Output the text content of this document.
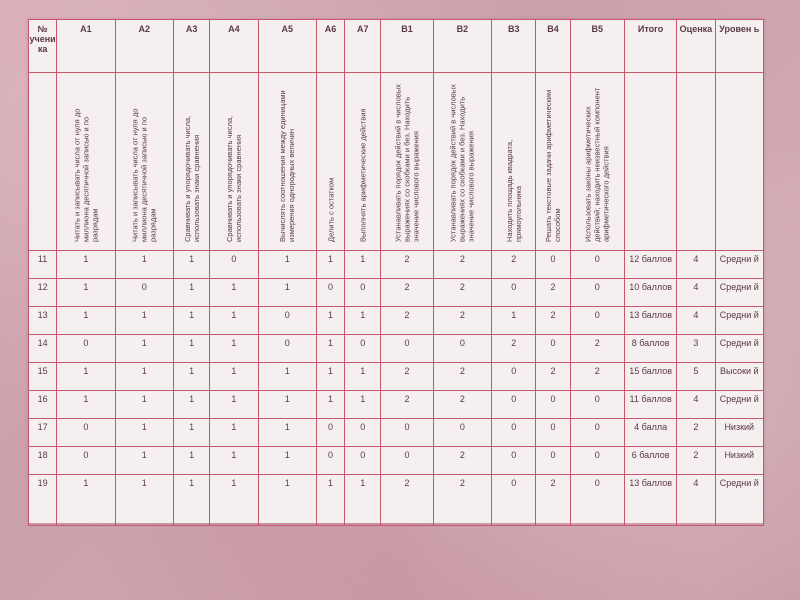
№ учени ка	А1	А2	А3	А4	А5	А6	А7	В1	В2	В3	В4	В5	Итого	Оценка	Уровен ь

	Читать и записывать числа от нуля до миллиона десятичной записью и по разрядам	Читать и записывать числа от нуля до миллиона десятичной записью и по разрядам	Сравнивать и упорядочивать числа, использовать знаки сравнения	Сравнивать и упорядочивать числа, использовать знаки сравнения	Вычислять соотношения между единицами измерения однородных величин	Делить с остатком	Выполнять арифметические действия	Устанавливать порядок действий в числовых выражениях со скобками и без. Находить значение числового выражения	Устанавливать порядок действий в числовых выражениях со скобками и без. Находить значение числового выражения	Находить площадь квадрата, прямоугольника	Решать текстовые задачи арифметическим способом	Использовать законы арифметических действий; находить неизвестный компонент арифметического действия			

11	1	1	1	0	1	1	1	2	2	2	0	0	12 баллов	4	Средни й
12	1	0	1	1	1	0	0	2	2	0	2	0	10 баллов	4	Средни й
13	1	1	1	1	0	1	1	2	2	1	2	0	13 баллов	4	Средни й
14	0	1	1	1	0	1	0	0	0	2	0	2	8 баллов	3	Средни й
15	1	1	1	1	1	1	1	2	2	0	2	2	15 баллов	5	Высоки й
16	1	1	1	1	1	1	1	2	2	0	0	0	11 баллов	4	Средни й
17	0	1	1	1	1	0	0	0	0	0	0	0	4 балла	2	Низкий
18	0	1	1	1	1	0	0	0	2	0	0	0	6 баллов	2	Низкий
19	1	1	1	1	1	1	1	2	2	0	2	0	13 баллов	4	Средни й
